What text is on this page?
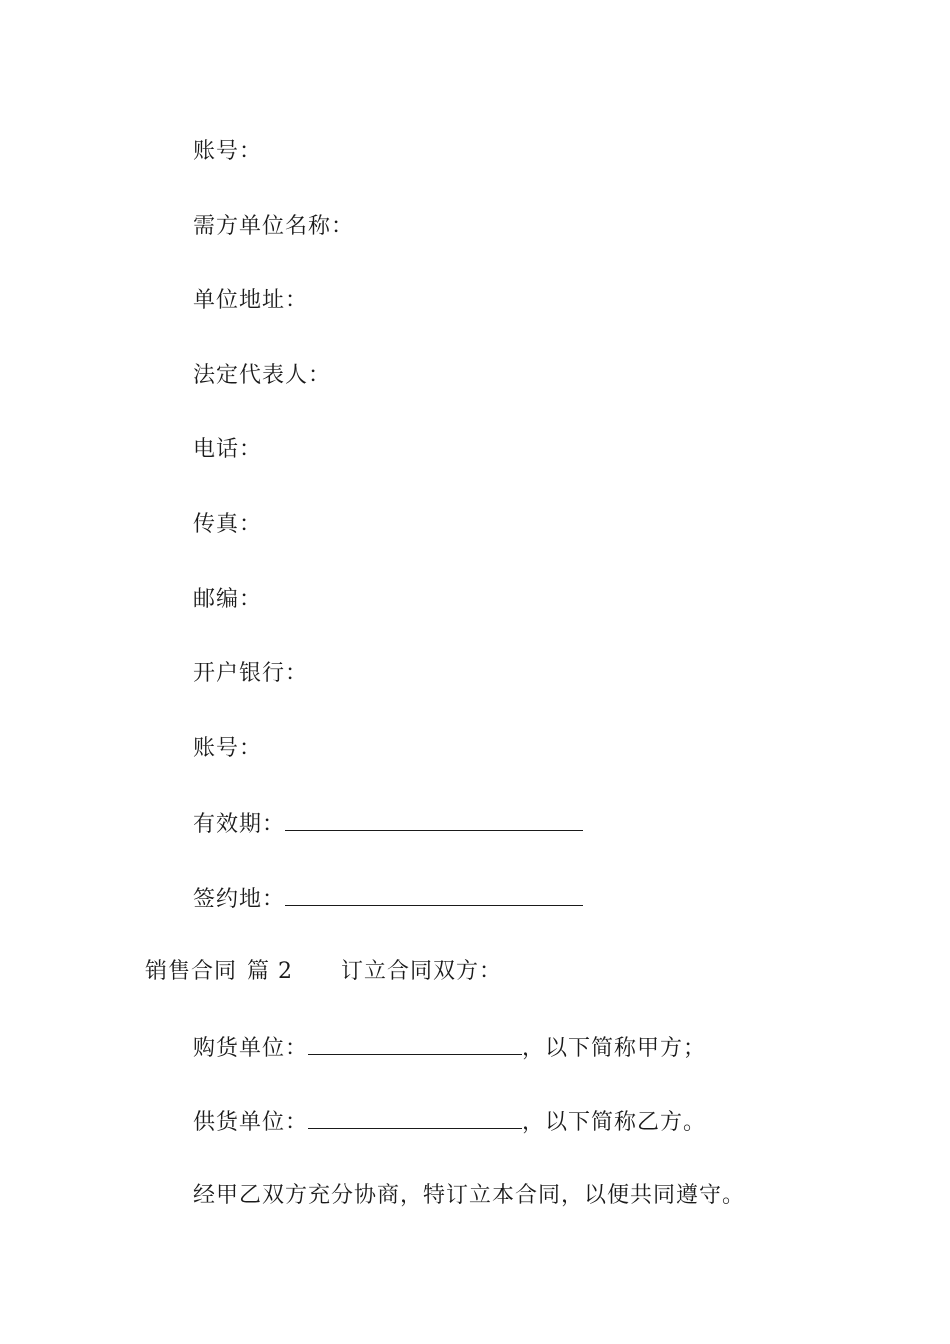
账号：
需方单位名称：
单位地址：
法定代表人：
电话：
传真：
邮编：
开户银行：
账号：
有效期：
签约地：
销售合同 篇 2 订立合同双方：
购货单位：	，以下简称甲方；
供货单位：	，以下简称乙方。
经甲乙双方充分协商，特订立本合同，以便共同遵守。
